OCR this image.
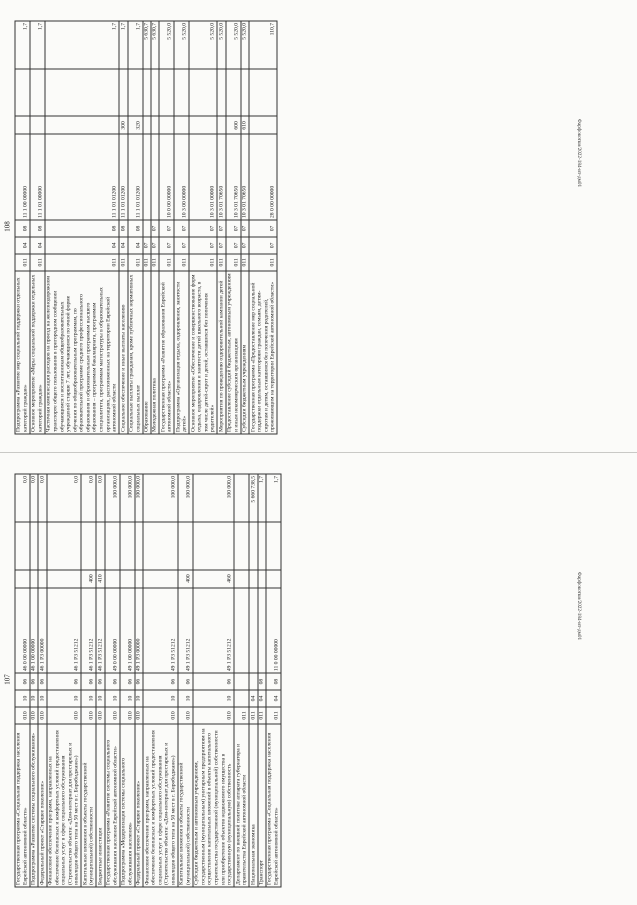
108
Подпрограмма «Развитие мер социальной поддержки отдельных категорий граждан»	011	04	08	11 1 00 00000			1,7
Основное мероприятие «Меры социальной поддержки отдельных категорий граждан»	011	04	08	11 1 01 00000			1,7
Частичная компенсация расходов на проезд на железнодорожном транспорте общего пользования в пригородном сообщении обучающимся и воспитанникам общеобразовательных учреждений старше 7 лет, обучающимся по очной форме обучения по общеобразовательным программам, по образовательной программе среднего профессионального образования и образовательным программам высшего образования – программам бакалавриата, программам специалитета, программам магистратуры в образовательных организациях, расположенных на территории Еврейской автономной области	011	04	08	11 1 01 01200			1,7
Социальное обеспечение и иные выплаты населению	011	04	08	11 1 01 01200	300		1,7
Социальные выплаты гражданам, кроме публичных нормативных социальных выплат	011	04	08	11 1 01 01200	320		1,7
Образование	011	07					5 630,7
Молодежная политика	011	07	07				5 630,7
Государственная программа «Развитие образования Еврейской автономной области»	011	07	07	10 0 00 00000			5 520,0
Подпрограмма «Организация отдыха, оздоровления, занятости детей»	011	07	07	10 3 00 00000			5 520,0
Основное мероприятие «Обеспечение и совершенствование форм отдыха, оздоровления и занятости детей школьного возраста, в том числе детей-сирот и детей, оставшихся без попечения родителей»	011	07	07	10 3 01 00000			5 520,0
Мероприятия по проведению оздоровительной кампании детей	011	07	07	10 3 01 70650			5 520,0
Предоставление субсидий бюджетным, автономным учреждениям и иным некоммерческим организациям	011	07	07	10 3 01 70650	600		5 520,0
Субсидии бюджетным учреждениям	011	07	07	10 3 01 70650	610		5 520,0
Государственная программа «Предоставление мер социальной поддержки отдельным категориям граждан, семьям, детям-сиротам и детям, оставшимся без попечения родителей, проживающим на территории Еврейской автономной области»	011	07	07	28 0 00 00000			110,7
Фарфокотки/2022-184-ит-дм01
107
Государственная программа «Социальная поддержка населения Еврейской автономной области»	010	10	06	46 0 00 00000			0,0
Подпрограмма «Развитие системы социального обслуживания»	010	10	06	46 1 00 00000			0,0
Федеральный проект «Старшее поколение»	010	10	06	46 1 P3 00000			0,0
Финансовое обеспечение программ, направленных на обеспечение безопасных и комфортных условий предоставления социальных услуг в сфере социального обслуживания (Строительство объекта: «Дом-интернат для престарелых и инвалидов общего типа на 50 мест в г. Биробиджане»)	010	10	06	46 1 P3 51212			0,0
Капитальные вложения в объекты государственной (муниципальной) собственности	010	10	06	46 1 P3 51212	400		0,0
Бюджетные инвестиции	010	10	06	46 1 P3 51212	410		0,0
Государственная программа «Развитие системы социального обслуживания населения Еврейской автономной области»	010	10	06	49 0 00 00000			100 000,0
Подпрограмма «Модернизация системы социального обслуживания населения»	010	10	06	49 1 00 00000			100 000,0
Федеральный проект «Старшее поколение»	010	10	06	49 1 P3 00000			100 000,0
Финансовое обеспечение программ, направленных на обеспечение безопасных и комфортных условий предоставления социальных услуг в сфере социального обслуживания (Строительство объекта: «Дом-интернат для престарелых и инвалидов общего типа на 50 мест в г. Биробиджане»)	010	10	06	49 1 P3 51212			100 000,0
Капитальные вложения в объекты государственной (муниципальной) собственности	010	10	06	49 1 P3 51212	400		100 000,0
Субсидии бюджетным и автономным учреждениям, государственным (муниципальным) унитарным предприятиям на осуществление капитальных вложений в объекты капитального строительства государственной (муниципальной) собственности или приобретение объектов недвижимого имущества в государственную (муниципальную) собственность	010	10	06	49 1 P3 51212	460		100 000,0
Департамент по внешней политике аппарата губернатора и правительства Еврейской автономной области	011						
Национальная экономика	011	04					5 660 738,5
Транспорт	011	04	08				1,7
Государственная программа «Социальная поддержка населения Еврейской автономной области»	011	04	08	11 0 00 00000			1,7
Фарфокотки/2022-184-ит-дм01
